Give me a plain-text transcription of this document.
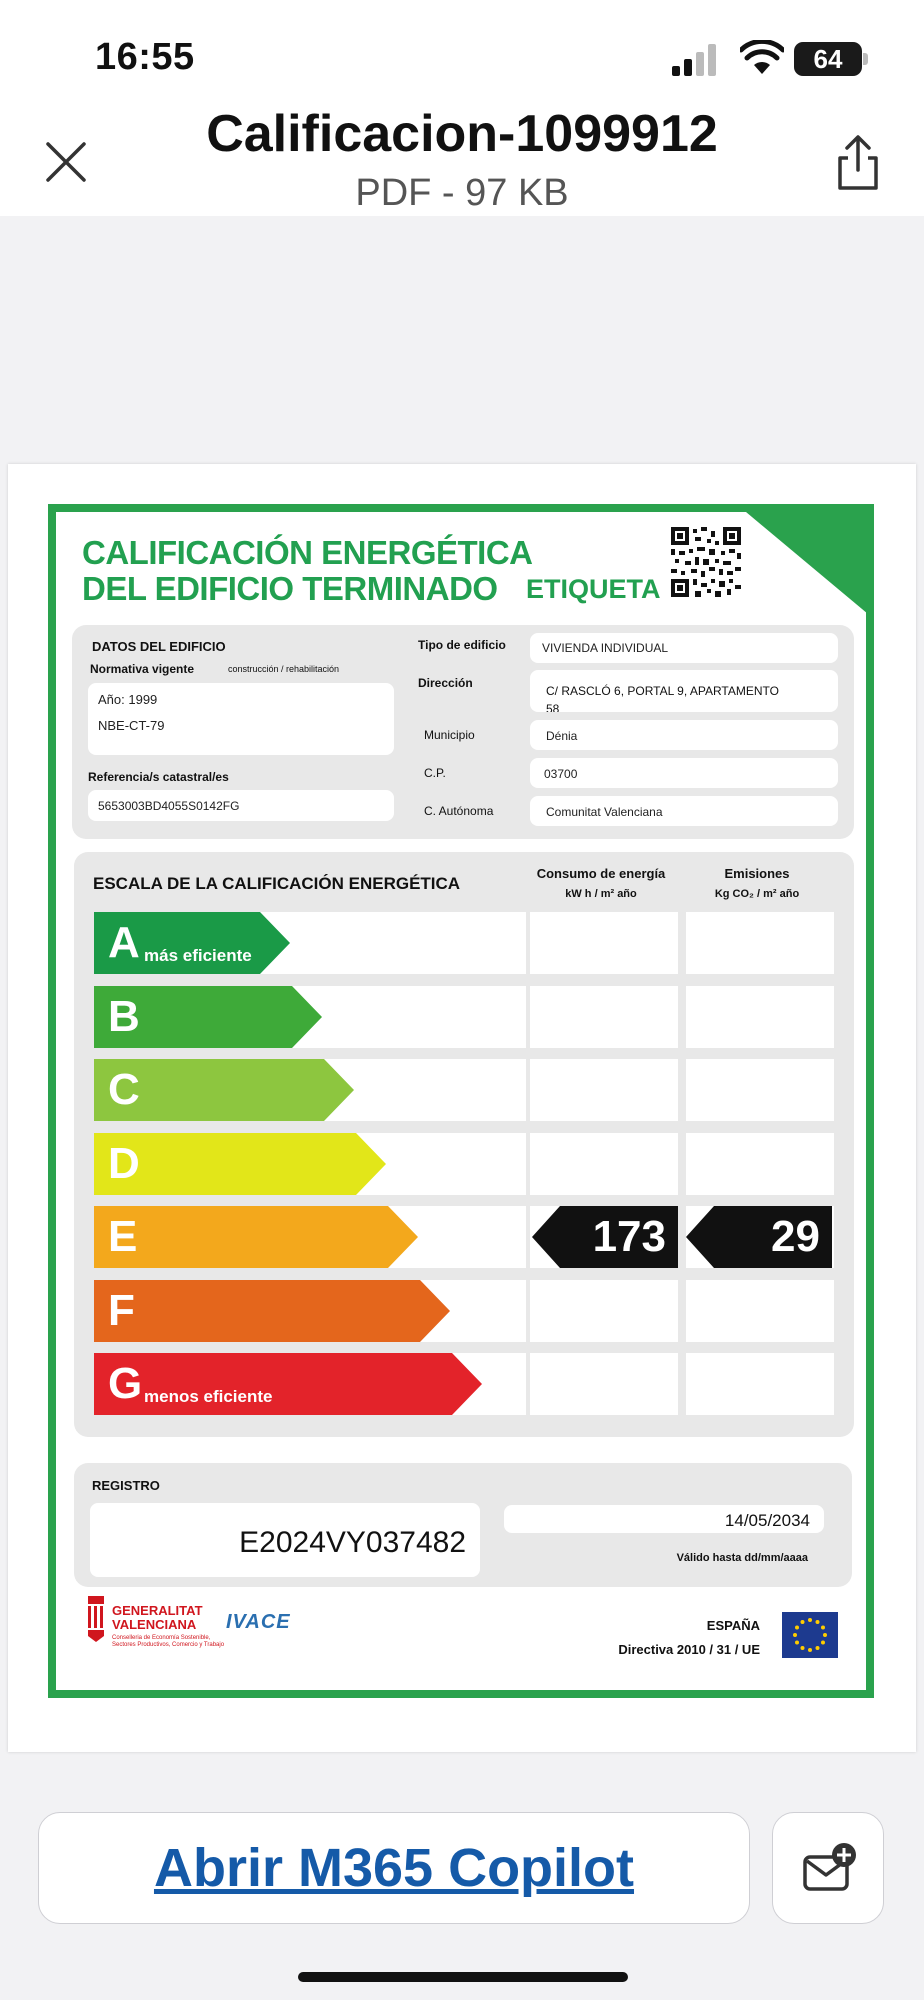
16:55	64
Calificacion-1099912
PDF - 97 KB
CALIFICACIÓN ENERGÉTICA
DEL EDIFICIO TERMINADO ETIQUETA
DATOS DEL EDIFICIO
Normativa vigente	construcción / rehabilitación
Año: 1999
NBE-CT-79
Referencia/s catastral/es
5653003BD4055S0142FG
Tipo de edificio	VIVIENDA INDIVIDUAL
Dirección
C/ RASCLÓ 6, PORTAL 9, APARTAMENTO
58
Municipio	Dénia
C.P.	03700
C. Autónoma	Comunitat Valenciana
ESCALA DE LA CALIFICACIÓN ENERGÉTICA
Consumo de energía
kW h / m² año
Emisiones
Kg CO₂ / m² año
A más eficiente
B
C
D
E	173	29
F
G menos eficiente
REGISTRO
E2024VY037482
14/05/2034
Válido hasta dd/mm/aaaa
GENERALITAT
VALENCIANA
Conselleria de Economía Sostenible, Sectores Productivos, Comercio y Trabajo
IVACE	ESPAÑA
Directiva 2010 / 31 / UE
Abrir M365 Copilot
